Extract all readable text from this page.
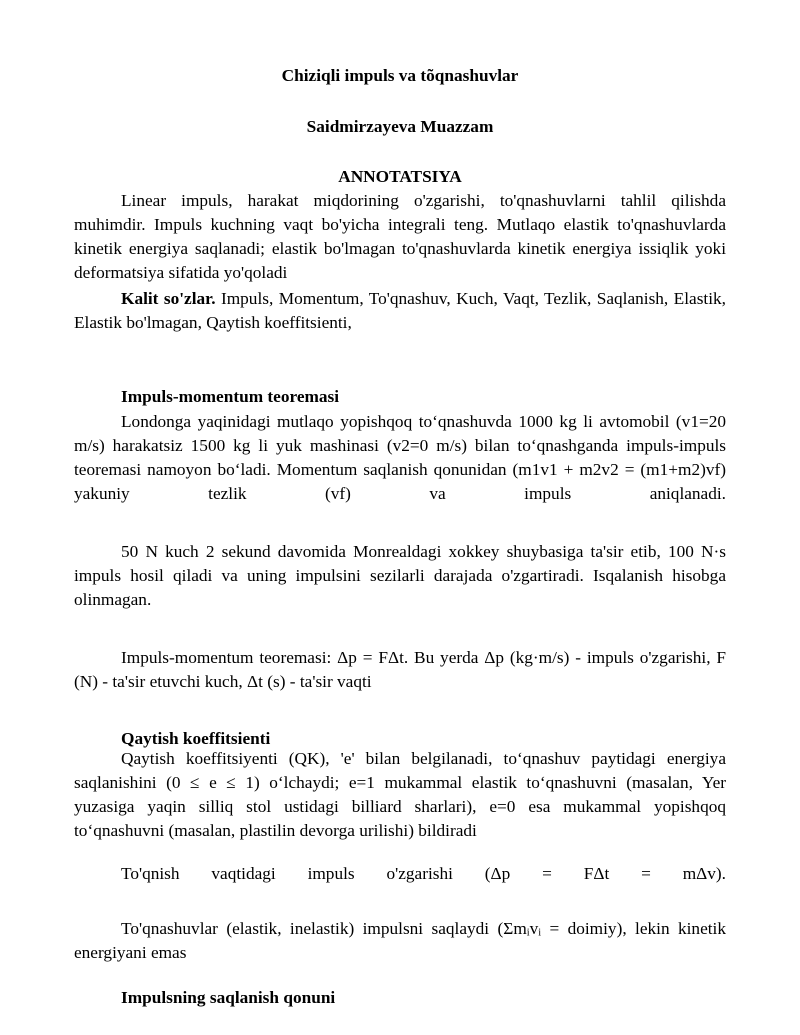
Chiziqli impuls va tõqnashuvlar
Saidmirzayeva Muazzam
ANNOTATSIYA
Linear impuls, harakat miqdorining o'zgarishi, to'qnashuvlarni tahlil qilishda muhimdir. Impuls kuchning vaqt bo'yicha integrali teng. Mutlaqo elastik to'qnashuvlarda kinetik energiya saqlanadi; elastik bo'lmagan to'qnashuvlarda kinetik energiya issiqlik yoki deformatsiya sifatida yo'qoladi
Kalit so'zlar. Impuls, Momentum, To'qnashuv, Kuch, Vaqt, Tezlik, Saqlanish, Elastik, Elastik bo'lmagan, Qaytish koeffitsienti,
Impuls-momentum teoremasi
Londonga yaqinidagi mutlaqo yopishqoq to‘qnashuvda 1000 kg li avtomobil (v1=20 m/s) harakatsiz 1500 kg li yuk mashinasi (v2=0 m/s) bilan to‘qnashganda impuls-impuls teoremasi namoyon bo‘ladi. Momentum saqlanish qonunidan (m1v1 + m2v2 = (m1+m2)vf) yakuniy tezlik (vf) va impuls aniqlanadi.
50 N kuch 2 sekund davomida Monrealdagi xokkey shuybasiga ta'sir etib, 100 N·s impuls hosil qiladi va uning impulsini sezilarli darajada o'zgartiradi. Isqalanish hisobga olinmagan.
Impuls-momentum teoremasi: Δp = FΔt. Bu yerda Δp (kg·m/s) - impuls o'zgarishi, F (N) - ta'sir etuvchi kuch, Δt (s) - ta'sir vaqti
Qaytish koeffitsienti
Qaytish koeffitsiyenti (QK), 'e' bilan belgilanadi, to‘qnashuv paytidagi energiya saqlanishini (0 ≤ e ≤ 1) o‘lchaydi; e=1 mukammal elastik to‘qnashuvni (masalan, Yer yuzasiga yaqin silliq stol ustidagi billiard sharlari), e=0 esa mukammal yopishqoq to‘qnashuvni (masalan, plastilin devorga urilishi) bildiradi
To'qnish vaqtidagi impuls o'zgarishi (Δp = FΔt = mΔv).
To'qnashuvlar (elastik, inelastik) impulsni saqlaydi (Σmᵢvᵢ = doimiy), lekin kinetik energiyani emas
Impulsning saqlanish qonuni
